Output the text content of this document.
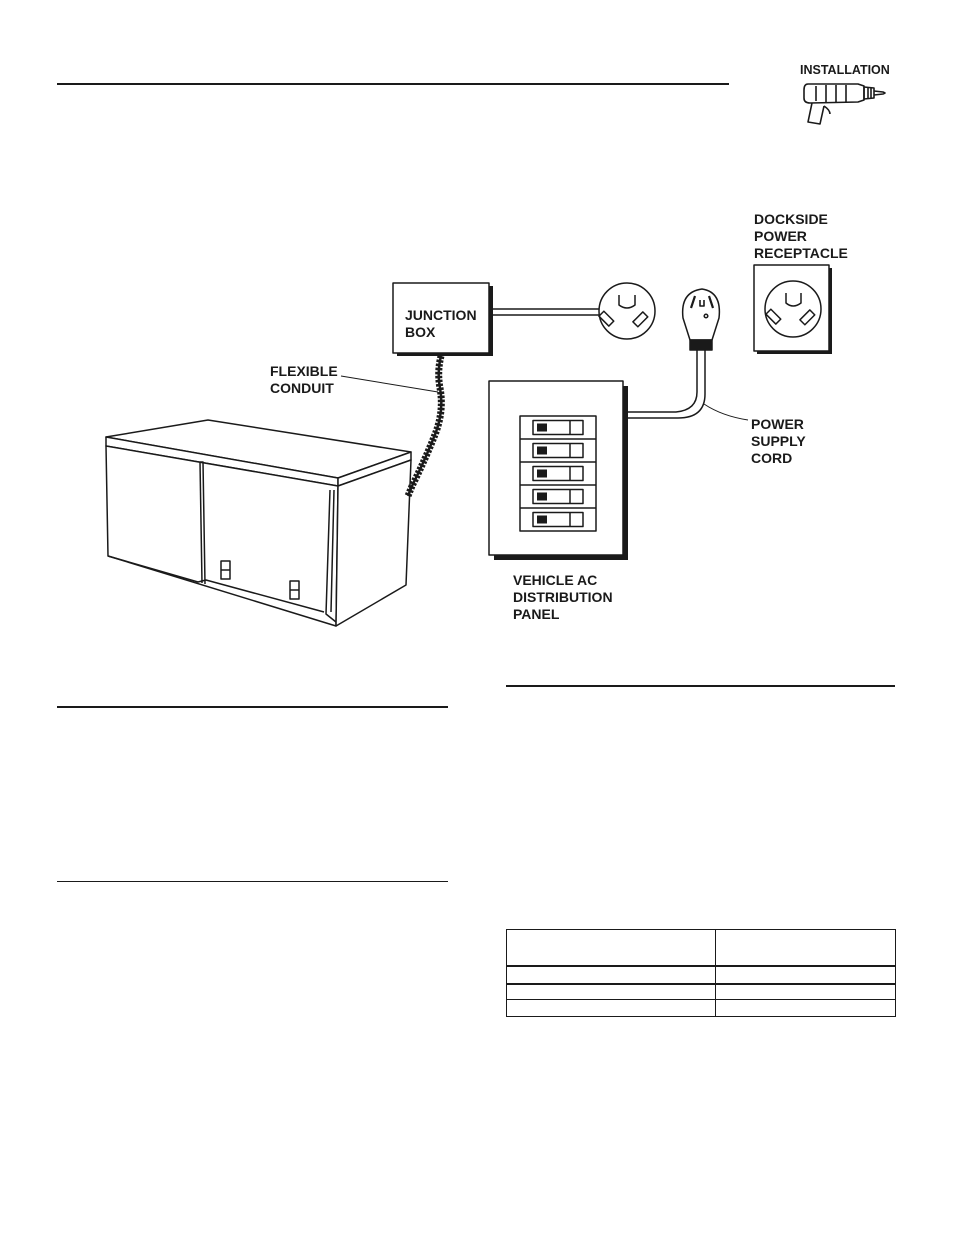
INSTALLATION
JUNCTION
BOX
FLEXIBLE
CONDUIT
DOCKSIDE
POWER
RECEPTACLE
POWER
SUPPLY
CORD
VEHICLE AC
DISTRIBUTION
PANEL
